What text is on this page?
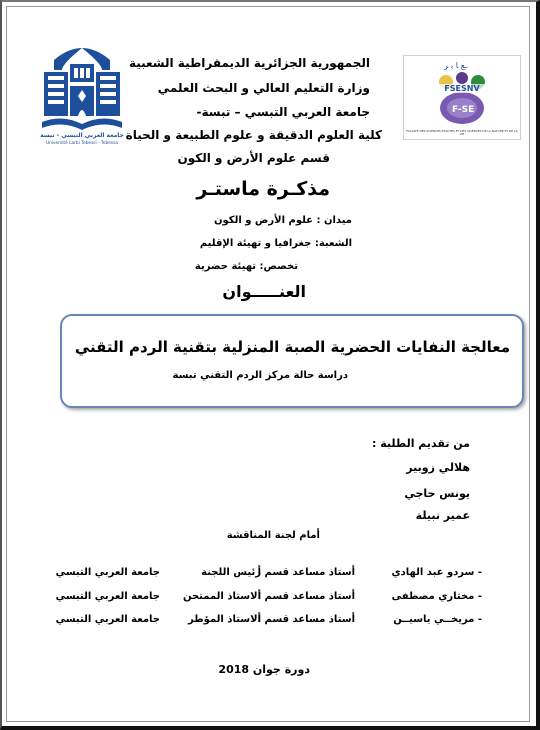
جامعة العربي التبسي - تبسة
Université Larbi Tebessi - Tebessa
ـﻊ ﺎ ﺑ ﺮ
F-SE
FSESNV
FACULTE DES SCIENCES EXACTES ET DES SCIENCES DE LA NATURE ET DE LA VIE
الجمهورية الجزائرية الديمقراطية الشعبية
وزارة التعليم العالي و البحث العلمي
جامعة العربي التبسي – تبسة-
كلية العلوم الدقيقة و علوم الطبيعة و الحياة
قسم علوم الأرض و الكون
مذكـرة ماستـر
ميدان : علوم الأرض و الكون
الشعبة: جغرافيا و تهيئة الإقليم
تخصص: تهيئة حضرية
العنـــــوان
معالجة النفايات الحضرية الصبة المنزلية بتقنية الردم التقني
دراسة حالة مركز الردم التقني تبسة
من تقديم الطلبة :
هلالي زوبير
يونس حاجي
عمير نبيلة
أمام لجنة المناقشة
- سردو عبد الهادي
أستاذ مساعد قسم أ
رئيس اللجنة
جامعة العربي التبسي
- مختاري مصطفى
أستاذ مساعد قسم أ
الاستاذ الممتحن
جامعة العربي التبسي
- مريخــي ياسيــن
أستاذ مساعد قسم أ
الاستاذ المؤطر
جامعة العربي التبسي
دورة جوان 2018
